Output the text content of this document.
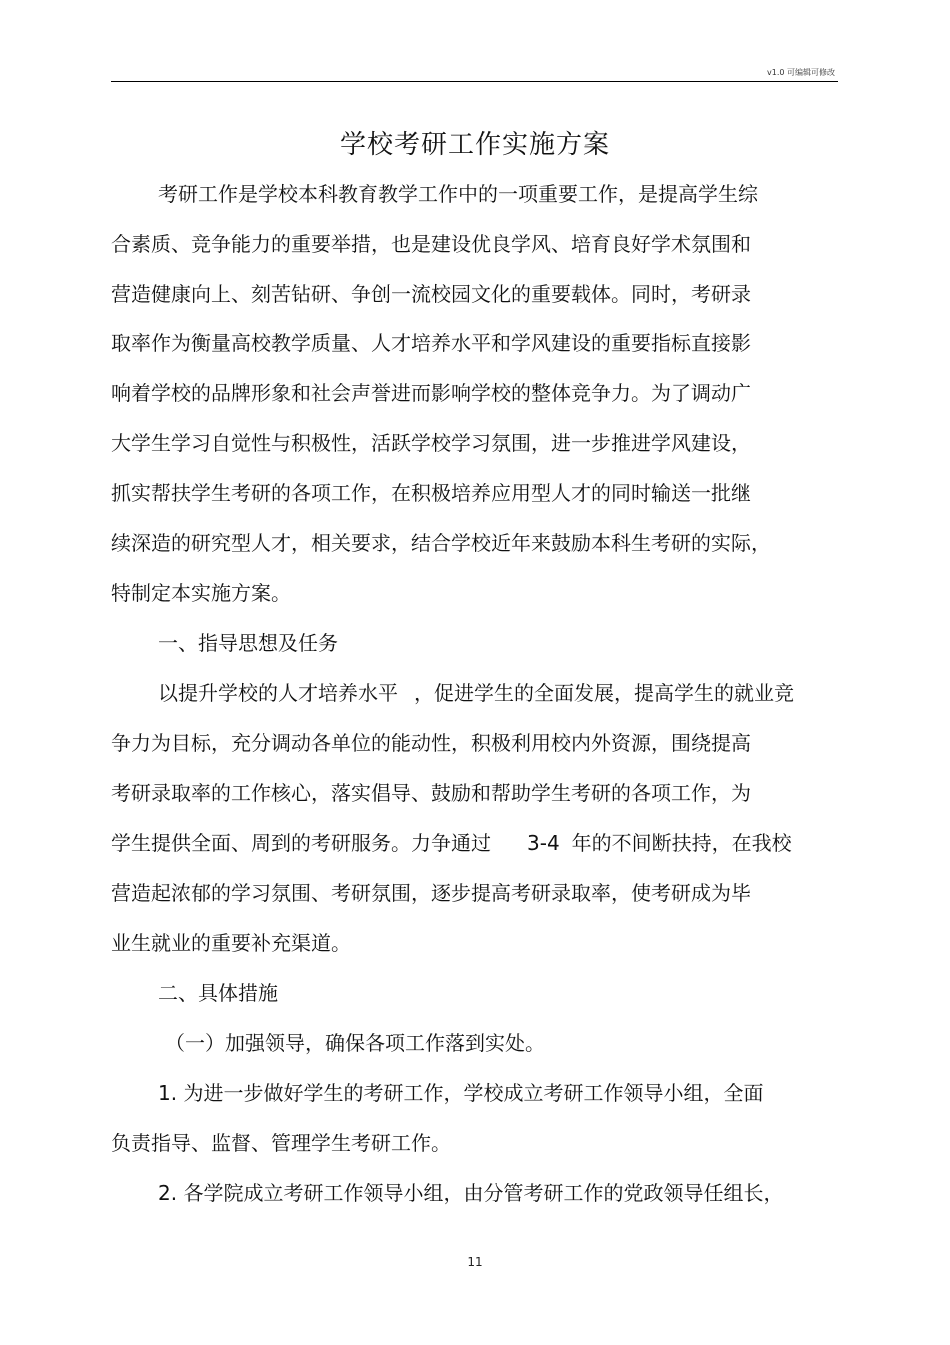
v1.0 可编辑可修改
学校考研工作实施方案
考研工作是学校本科教育教学工作中的一项重要工作，是提高学生综
合素质、竞争能力的重要举措，也是建设优良学风、培育良好学术氛围和
营造健康向上、刻苦钻研、争创一流校园文化的重要载体。同时，考研录
取率作为衡量高校教学质量、人才培养水平和学风建设的重要指标直接影
响着学校的品牌形象和社会声誉进而影响学校的整体竞争力。为了调动广
大学生学习自觉性与积极性，活跃学校学习氛围，进一步推进学风建设，
抓实帮扶学生考研的各项工作，在积极培养应用型人才的同时输送一批继
续深造的研究型人才，相关要求，结合学校近年来鼓励本科生考研的实际，
特制定本实施方案。
一、指导思想及任务
以提升学校的人才培养水平 ，促进学生的全面发展，提高学生的就业竞
争力为目标，充分调动各单位的能动性，积极利用校内外资源，围绕提高
考研录取率的工作核心，落实倡导、鼓励和帮助学生考研的各项工作，为
学生提供全面、周到的考研服务。力争通过 3-4 年的不间断扶持，在我校
营造起浓郁的学习氛围、考研氛围，逐步提高考研录取率，使考研成为毕
业生就业的重要补充渠道。
二、具体措施
（一）加强领导，确保各项工作落到实处。
1. 为进一步做好学生的考研工作，学校成立考研工作领导小组，全面
负责指导、监督、管理学生考研工作。
2. 各学院成立考研工作领导小组，由分管考研工作的党政领导任组长，
11
